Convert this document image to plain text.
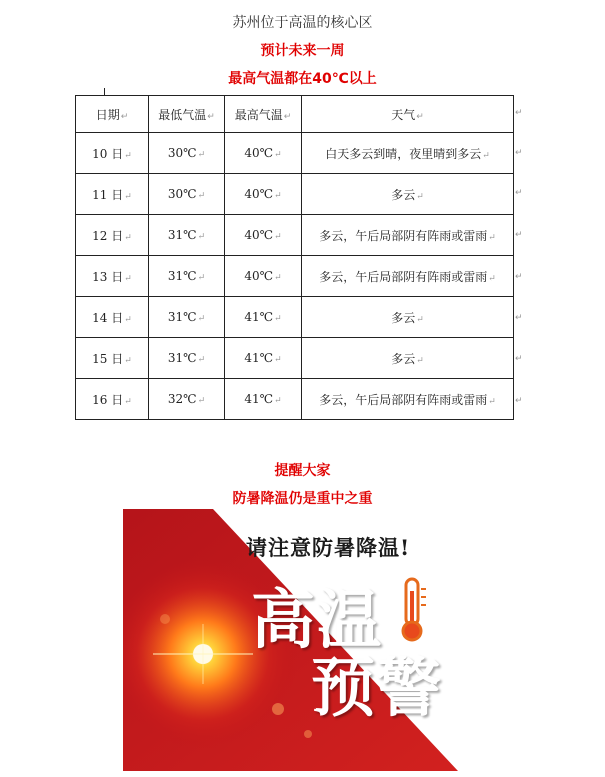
苏州位于高温的核心区
预计未来一周
最高气温都在40℃以上
日期↵	最低气温↵	最高气温↵	天气↵
10 日↵	30℃↵	40℃↵	白天多云到晴，夜里晴到多云↵
11 日↵	30℃↵	40℃↵	多云↵
12 日↵	31℃↵	40℃↵	多云，午后局部阴有阵雨或雷雨↵
13 日↵	31℃↵	40℃↵	多云，午后局部阴有阵雨或雷雨↵
14 日↵	31℃↵	41℃↵	多云↵
15 日↵	31℃↵	41℃↵	多云↵
16 日↵	32℃↵	41℃↵	多云，午后局部阴有阵雨或雷雨↵
↵
↵
↵
↵
↵
↵
↵
↵
提醒大家
防暑降温仍是重中之重
请注意防暑降温!
高温
预警
